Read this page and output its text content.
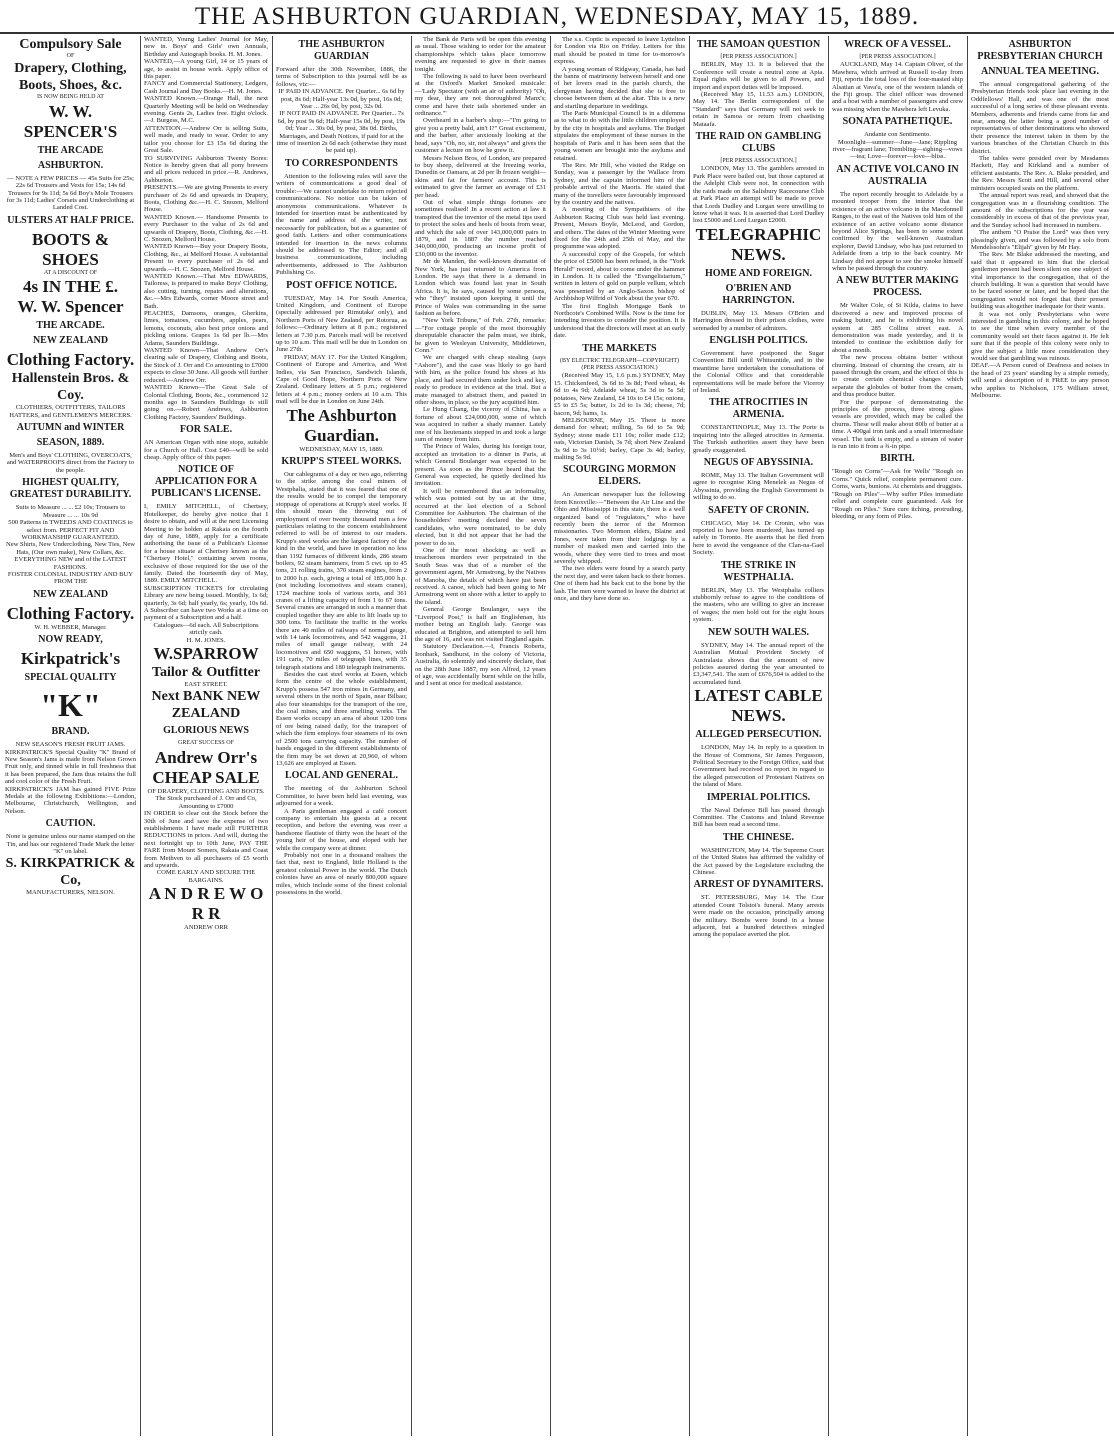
THE ASHBURTON GUARDIAN, WEDNESDAY, MAY 15, 1889.
Compulsory Sale
OF
Drapery, Clothing,
Boots, Shoes, &c.
IS NOW BEING HELD AT
W. W. SPENCER'S
THE ARCADE
ASHBURTON.
— NOTE A FEW PRICES — 45s Suits for 25s; 22s 6d Trousers and Vests for 15s; 14s 6d Trousers for 9s 11d; 5s 6d Boy's Mole Trousers for 3s 11d; Ladies' Corsets and Underclothing at Landed Cost.
ULSTERS AT HALF PRICE.
BOOTS & SHOES
AT A DISCOUNT OF
4s IN THE £.
W. W. Spencer
THE ARCADE.
NEW ZEALAND
Clothing Factory.
Hallenstein Bros. & Coy.
CLOTHIERS, OUTFITTERS, TAILORS HATTERS, and GENTLEMEN'S MERCERS.
AUTUMN and WINTER
SEASON, 1889.
Men's and Boys' CLOTHING, OVERCOATS, and WATERPROOFS direct from the Factory to the people.
HIGHEST QUALITY, GREATEST DURABILITY.
Suits to Measure ... ... £2 10s; Trousers to Measure ... ... 10s 9d
500 Patterns in TWEEDS AND COATINGS to select from. PERFECT FIT AND WORKMANSHIP GUARANTEED.
New Shirts, New Underclothing, New Ties, New Hats, (Our own make), New Collars, &c.
EVERYTHING NEW and of the LATEST FASHIONS.
FOSTER COLONIAL INDUSTRY AND BUY FROM THE
NEW ZEALAND
Clothing Factory.
W. H. WEBBER, Manager.
NOW READY,
Kirkpatrick's
SPECIAL QUALITY
"K"
BRAND.
NEW SEASON'S FRESH FRUIT JAMS.
KIRKPATRICK'S Special Quality "K" Brand of New Season's Jams is made from Nelson Grown Fruit only, and tinned while in full freshness that it has been prepared, the Jam thus retains the full and cool color of the Fresh Fruit.
KIRKPATRICK'S JAM has gained FIVE Prize Medals at the following Exhibitions:—London, Melbourne, Christchurch, Wellington, and Nelson.
CAUTION.
None is genuine unless our name stamped on the Tin, and has our registered Trade Mark the letter "K" on label.
S. KIRKPATRICK & Co,
MANUFACTURERS, NELSON.
WANTED, Young Ladies' Journal for May, new in. Boys' and Girls' own Annuals, Birthday and Autograph books. H. M. Jones.
WANTED,—A young Girl, 14 or 15 years of age, to assist in house work. Apply office of this paper.
FANCY and Commercial Stationery, Ledgers, Cash Journal and Day Books.—H. M. Jones.
WANTED Known.—Orange Hall, the next Quarterly Meeting will be held on Wednesday evening. Gents 2s, Ladies free. Eight o'clock.—J. Burgess, M.C.
ATTENTION.—Andrew Orr is selling Suits, well made, and ready to wear. Order to any tailor you choose for £3 15s 6d during the Great Sale.
TO SURVIVING Ashburton Twenty Bores: Notice is hereby given that all pony brewers and all prices reduced in price.—R. Andrews, Ashburton.
PRESENTS.—We are giving Presents to every purchaser of 2s 6d and upwards in Drapery, Boots, Clothing &c.—H. C. Snozen, Melford House.
WANTED Known.— Handsome Presents to every Purchaser to the value of 2s 6d and upwards of Drapery, Boots, Clothing, &c.—H. C. Snozen, Melford House.
WANTED Known—Buy your Drapery Boots, Clothing, &c., at Melford House. A substantial Present to every purchaser of 2s 6d and upwards.—H. C. Snozen, Melford House.
WANTED Known.—That Mrs EDWARDS, Tailoress, is prepared to make Boys' Clothing, also cutting, turning, repairs and alterations, &c.—Mrs Edwards, corner Moore street and Bath.
PEACHES, Damsons, oranges, Gherkins, limes, tomatoes, cucumbers, apples, pears, lemons, coconuts, also best price onions and pickling onions. Grapes 1s 6d per lb.—Mrs Adams, Saunders Buildings.
WANTED Known—That Andrew Orr's clearing sale of Drapery, Clothing and Boots, the Stock of J. Orr and Co amounting to £7000 expects to close 30 June. All goods will further reduced.—Andrew Orr.
WANTED Known—The Great Sale of Colonial Clothing, Boots, &c., commenced 12 months ago in Saunders Buildings is still going on.—Robert Andrews, Ashburton Clothing Factory, Saunders' Buildings.
FOR SALE.
AN American Organ with nine stops, suitable for a Church or Hall. Cost £40—will be sold cheap. Apply office of this paper.
NOTICE OF APPLICATION FOR A PUBLICAN'S LICENSE.
I, EMILY MITCHELL, of Chertsey, Hotelkeeper, do hereby give notice that I desire to obtain, and will at the next Licensing Meeting to be holden at Rakaia on the fourth day of June, 1889, apply for a certificate authorising the issue of a Publican's License for a house situate at Chertsey known as the "Chertsey Hotel," containing seven rooms, exclusive of those required for the use of the family. Dated the fourteenth day of May, 1889. EMILY MITCHELL.
SUBSCRIPTION TICKETS for circulating Library are now being issued. Monthly, 1s 6d; quarterly, 3s 6d; half yearly, 6s; yearly, 10s 6d. A Subscriber can have two Works at a time on payment of a Subscription and a half.
Catalogues—6d each. All Subscriptions strictly cash.
H. M. JONES.
W.SPARROW
Tailor & Outfitter
EAST STREET.
Next BANK NEW ZEALAND
GLORIOUS NEWS
GREAT SUCCESS OF
Andrew Orr's
CHEAP SALE
OF DRAPERY, CLOTHING AND BOOTS.
The Stock purchased of J. Orr and Co, Amounting to £7000
IN ORDER to clear out the Stock before the 30th of June and save the expense of two establishments I have made still FURTHER REDUCTIONS in prices. And will, during the next fortnight up to 10th June, PAY THE FARE from Mount Somers, Rakaia and Coast from Methven to all purchasers of £5 worth and upwards.
COME EARLY AND SECURE THE BARGAINS.
A N D R E W O R R
ANDREW ORR
THE ASHBURTON GUARDIAN
Forward after the 30th November, 1886, the terms of Subscription to this journal will be as follows, viz:—
IF PAID IN ADVANCE. Per Quarter... 6s 6d by post, 8s 6d; Half-year 13s 0d, by post, 16s 0d; Year ... 26s 0d, by post, 32s 0d.
IF NOT PAID IN ADVANCE. Per Quarter... 7s 6d, by post 9s 6d; Half-year 15s 0d, by post, 19s 0d; Year ... 30s 0d, by post, 38s 0d. Births, Marriages, and Death Notices, if paid for at the time of insertion 2s 6d each (otherwise they must be paid up).
TO CORRESPONDENTS
Attention to the following rules will save the writers of communications a good deal of trouble:—We cannot undertake to return rejected communications. No notice can be taken of anonymous communications. Whatever is intended for insertion must be authenticated by the name and address of the writer, not necessarily for publication, but as a guarantee of good faith. Letters and other communications intended for insertion in the news columns should be addressed to The Editor; and all business communications, including advertisements, addressed to The Ashburton Publishing Co.
POST OFFICE NOTICE.
TUESDAY, May 14. For South America, United Kingdom, and Continent of Europe (specially addressed per Rimutaka' only), and Northern Ports of New Zealand, per Rotorua, as follows:—Ordinary letters at 8 p.m.; registered letters at 7.30 p.m. Parcels mail will be received up to 10 a.m. This mail will be due in London on June 27th.
FRIDAY, MAY 17. For the United Kingdom, Continent of Europe and America, and West Indies, via San Francisco, Sandwich Islands, Cape of Good Hope, Northern Ports of New Zealand. Ordinary letters at 5 p.m.; registered letters at 4 p.m.; money orders at 10 a.m. This mail will be due in London on June 24th.
The Ashburton Guardian.
WEDNESDAY, MAY 15, 1889.
KRUPP'S STEEL WORKS.
Our cablegrams of a day or two ago, referring to the strike among the coal miners of Westphalia, stated that it was feared that one of the results would be to compel the temporary stoppage of operations at Krupp's steel works. If this should mean the throwing out of employment of over twenty thousand men a few particulars relating to the concern establishment referred to will be of interest to our readers. Krupp's steel works are the largest factory of the kind in the world, and have in operation no less than 1192 furnaces of different kinds, 286 steam boilers, 92 steam hammers, from 5 cwt. up to 45 tons, 21 rolling trains, 370 steam engines, from 2 to 2000 h.p. each, giving a total of 185,000 h.p. (not including locomotives and steam cranes), 1724 machine tools of various sorts, and 361 cranes of a lifting capacity of from 1 to 67 tons. Several cranes are arranged in such a manner that coupled together they are able to lift loads up to 300 tons. To facilitate the traffic in the works there are 40 miles of railways of normal gauge, with 14 tank locomotives, and 542 waggons, 21 miles of small gauge railway, with 24 locomotives and 650 waggons, 51 horses, with 191 carts, 70 miles of telegraph lines, with 35 telegraph stations and 180 telegraph instruments.
Besides the cast steel works at Essen, which form the centre of the whole establishment, Krupp's possess 547 iron mines in Germany, and several others in the north of Spain, near Bilbao; also four steamships for the transport of the ore, the coal mines, and three smelting works. The Essen works occupy an area of about 1200 tons of ore being raised daily, for the transport of which the firm employs four steamers of its own of 2500 tons carrying capacity. The number of hands engaged in the different establishments of the firm may be set down at 20,960, of whom 13,626 are employed at Essen.
LOCAL AND GENERAL.
The meeting of the Ashburton School Committee, to have been held last evening, was adjourned for a week.
A Paris gentleman engaged a café concert company to entertain his guests at a recent reception, and before the evening was over a handsome flautiste of thirty won the heart of the young heir of the house, and eloped with her while the company were at dinner.
Probably not one in a thousand realises the fact that, next to England, little Holland is the greatest colonial Power in the world. The Dutch colonies have an area of nearly 800,000 square miles, which include some of the finest colonial possessions in the world.
The Bank de Paris will be open this evening as usual. Those wishing to order for the amateur championships which takes place tomorrow evening are requested to give in their names tonight.
The following is said to have been overheard at the Oxford's Market Smoked musicale:—'Lady Spectator (with an air of authority) "Oh, my dear, they are not thoroughbred Manx's; come and have their tails shortened under an ordinance."'
Overheard in a barber's shop:—"I'm going to give you a pretty bald, ain't I?" Great excitement, and the barber, after anxiously looking at the head, says "Oh, no, sir, not always" and gives the customer a lecture on how he grew it.
Messrs Nelson Bros, of London, are prepared to buy sheep, delivered at the freezing works, Dunedin or Oamaru, at 2d per lb frozen weight—skins and fat for farmers' account. This is estimated to give the farmer an average of £31 per head.
Out of what simple things fortunes are sometimes realised! In a recent action at law it transpired that the inventor of the metal tips used to protect the soles and heels of boots from wear, and which the sale of over 143,000,000 pairs in 1879, and in 1887 the number reached 340,000,000, producing an income profit of £30,000 to the inventor.
Mr de Manden, the well-known dramatist of New York, has just returned to America from London. He says that there is a demand in London which was found last year in South Africa. It is, he says, caused by some persons, who "they" insisted upon keeping it until the Prince of Wales was commanding in the same fashion as before.
"New York Tribune," of Feb. 27th, remarks:—"For cottage people of the most thoroughly disreputable character the palm must, we think, be given to Wesleyan University, Middletown, Conn."
We are charged with cheap stealing (says "Ashore"), and the case was likely to go hard with him, as the police found his shoes at his place, and had secured them under lock and key, ready to produce in evidence at the trial. But a mate managed to abstract them, and pasted in other shoes, in place, so the jury acquitted him.
Le Hung Chang, the viceroy of China, has a fortune of about £24,000,000, some of which was acquired in rather a shady manner. Lately one of his lieutenants stepped in and took a large sum of money from him.
The Prince of Wales, during his foreign tour, accepted an invitation to a dinner in Paris, at which General Boulanger was expected to be present. As soon as the Prince heard that the General was expected, he quietly declined his invitation.
It will be remembered that an informality, which was pointed out by us at the time, occurred at the last election of a School Committee for Ashburton. The chairman of the householders' meeting declared the seven candidates, who were nominated, to be duly elected, but it did not appear that he had the power to do so.
One of the most shocking as well as treacherous murders ever perpetrated in the South Seas was that of a number of the government agent, Mr Armstrong, by the Natives of Manoba, the details of which have just been received. A canoe, which had been going to Mr Armstrong went on shore with a letter to apply to the island.
General George Boulanger, says the "Liverpool Post," is half an Englishman, his mother being an English lady. George was educated at Brighton, and attempted to sell him the age of 16, and was not visited England again.
Statutory Declaration.—I, Francis Roberts, Ironbark, Sandhurst, in the colony of Victoria, Australia, do solemnly and sincerely declare, that on the 28th June 1887, my son Alfred, 12 years of age, was accidentally burnt while on the hills, and I sent at once for medical assistance.
The s.s. Coptic is expected to leave Lyttelton for London via Rio on Friday. Letters for this mail should be posted in time for to-morrow's express.
A young woman of Ridgway, Canada, has had the banns of matrimony between herself and one of her lovers read in the parish church, the clergyman having decided that she is free to choose between them at the altar. This is a new and startling departure in weddings.
The Paris Municipal Council is in a dilemma as to what to do with the little children employed by the city in hospitals and asylums. The Budget stipulates the employment of these nurses in the hospitals of Paris and it has been seen that the young women are brought into the asylums and retained.
The Rev. Mr Hill, who visited the Ridge on Sunday, was a passenger by the Wallace from Sydney, and the captain informed him of the probable arrival of the Maoris. He stated that many of the travellers were favourably impressed by the country and the natives.
A meeting of the Sympathisers of the Ashburton Racing Club was held last evening. Present, Messrs Boyle, McLeod, and Gordon, and others. The dates of the Winter Meeting were fixed for the 24th and 25th of May, and the programme was adopted.
A successful copy of the Gospels, for which the price of £5000 has been refused, is the "York Herald" record, about to come under the hammer in London. It is called the "Evangelistarium," written in letters of gold on purple vellum, which was presented by an Anglo-Saxon bishop of Archbishop Wilfrid of York about the year 670.
The first English Mortgage Bank to Northcote's Combined Wills. Now is the time for intending investors to consider the position. It is understood that the directors will meet at an early date.
THE MARKETS
(BY ELECTRIC TELEGRAPH—COPYRIGHT) (PER PRESS ASSOCIATION.)
(Received May 15, 1.6 p.m.) SYDNEY, May 15. Chickenfeed, 3s 6d to 3s 8d; Feed wheat, 4s 6d to 4s 9d; Adelaide wheat, 5s 3d to 5s 5d; potatoes, New Zealand, £4 10s to £4 15s; onions, £5 to £5 5s; butter, 1s 2d to 1s 3d; cheese, 7d; bacon, 9d; hams, 1s.
MELBOURNE, May 15. There is more demand for wheat; milling, 5s 6d to 5s 9d; Sydney; stone made £11 10s; roller made £12; oats, Victorian Danish, 3s 7d; short New Zealand 3s 9d to 3s 10½d; barley, Cape 3s 4d; barley, malting 5s 9d.
SCOURGING MORMON ELDERS.
An American newspaper has the following from Knoxville:—"Between the Air Line and the Ohio and Mississippi in this state, there is a well organized band of "regulators," who have recently been the terror of the Mormon missionaries. Two Mormon elders, Blaine and Jones, were taken from their lodgings by a number of masked men and carried into the woods, where they were tied to trees and most severely whipped.
The two elders were found by a search party the next day, and were taken back to their homes. One of them had his back cut to the bone by the lash. The men were warned to leave the district at once, and they have done so.
THE SAMOAN QUESTION
[PER PRESS ASSOCIATION.]
BERLIN, May 13. It is believed that the Conference will create a neutral zone at Apia. Equal rights will be given to all Powers, and import and export duties will be imposed.
(Received May 15, 11.53 a.m.) LONDON, May 14. The Berlin correspondent of the "Standard" says that Germany will not seek to retain in Samoa or return from chastising Mataafa.
THE RAID ON GAMBLING CLUBS
[PER PRESS ASSOCIATION.]
LONDON, May 13. The gamblers arrested in Park Place were bailed out, but those captured at the Adelphi Club were not. In connection with the raids made on the Salisbury Racecourse Club at Park Place an attempt will be made to prove that Lords Dudley and Lurgan were unwilling to know what it was. It is asserted that Lord Dudley lost £5000 and Lord Lurgan £2000.
TELEGRAPHIC NEWS.
HOME AND FOREIGN.
O'BRIEN AND HARRINGTON.
DUBLIN, May 13. Messrs O'Brien and Harrington dressed in their prison clothes, were serenaded by a number of admirers.
ENGLISH POLITICS.
Government have postponed the Sugar Convention Bill until Whitsuntide, and in the meantime have undertaken the consultations of the Colonial Office and that considerable representations will be made before the Viceroy of Ireland.
THE ATROCITIES IN ARMENIA.
CONSTANTINOPLE, May 13. The Porte is inquiring into the alleged atrocities in Armenia. The Turkish authorities assert they have been greatly exaggerated.
NEGUS OF ABYSSINIA.
ROME, May 13. The Italian Government will agree to recognise King Menelek as Negus of Abyssinia, providing the English Government is willing to do so.
SAFETY OF CRONIN.
CHICAGO, May 14. Dr Cronin, who was reported to have been murdered, has turned up safely in Toronto. He asserts that he fled from here to avoid the vengeance of the Clan-na-Gael Society.
THE STRIKE IN WESTPHALIA.
BERLIN, May 13. The Westphalia colliers stubbornly refuse to agree to the conditions of the masters, who are willing to give an increase of wages; the men hold out for the eight hours system.
NEW SOUTH WALES.
SYDNEY, May 14. The annual report of the Australian Mutual Provident Society of Australasia shows that the amount of new policies assured during the year amounted to £3,347,541. The sum of £676,504 is added to the accumulated fund.
LATEST CABLE NEWS.
ALLEGED PERSECUTION.
LONDON, May 14. In reply to a question in the House of Commons, Sir James Fergusson, Political Secretary to the Foreign Office, said that Government had received no report in regard to the alleged persecution of Protestant Natives on the island of Mare.
IMPERIAL POLITICS.
The Naval Defence Bill has passed through Committee. The Customs and Inland Revenue Bill has been read a second time.
THE CHINESE.
WASHINGTON, May 14. The Supreme Court of the United States has affirmed the validity of the Act passed by the Legislature excluding the Chinese.
ARREST OF DYNAMITERS.
ST. PETERSBURG, May 14. The Czar attended Count Tolstoi's funeral. Many arrests were made on the occasion, principally among the military. Bombs were found in a house adjacent, but a hundred detectives mingled among the populace averted the plot.
WRECK OF A VESSEL.
[PER PRESS ASSOCIATION.]
AUCKLAND, May 14. Captain Oliver, of the Mawhera, which arrived at Russell to-day from Fiji, reports the total loss of the four-masted ship Alsatian at Vava'u, one of the western islands of the Fiji group. The chief officer was drowned and a boat with a number of passengers and crew was missing when the Mawhera left Levuka.
SONATA PATHETIQUE.
Andante con Sentimento.
Moonlight—summer—June—Jane; Rippling river—fragrant lane; Trembling—sighing—vows—tea; Love—forever—love—bliss.
AN ACTIVE VOLCANO IN AUSTRALIA
The report recently brought to Adelaide by a mounted trooper from the interior that the existence of an active volcano in the Macdonnell Ranges, to the east of the Natives told him of the existence of an active volcano some distance beyond Alice Springs, has been to some extent confirmed by the well-known Australian explorer, David Lindsay, who has just returned to Adelaide from a trip to the back country. Mr Lindsay did not appear to see the smoke himself when he passed through the country.
A NEW BUTTER MAKING PROCESS.
Mr Walter Cole, of St Kilda, claims to have discovered a new and improved process of making butter, and he is exhibiting his novel system at 285 Collins street east. A demonstration was made yesterday, and it is intended to continue the exhibition daily for about a month.
The new process obtains butter without churning. Instead of churning the cream, air is passed through the cream, and the effect of this is to create certain chemical changes which separate the globules of butter from the cream, and thus produce butter.
For the purpose of demonstrating the principles of the process, three strong glass vessels are provided, which may be called the churns. These will make about 80lb of butter at a time. A 400gal iron tank and a small intermediate vessel. The tank is empty, and a stream of water is run into it from a ¾-in pipe.
BIRTH.
"Rough on Corns"—Ask for Wells' "Rough on Corns." Quick relief, complete permanent cure. Corns, warts, bunions. At chemists and druggists.
"Rough on Piles"—Why suffer Piles immediate relief and complete cure guaranteed. Ask for "Rough on Piles." Sure cure itching, protruding, bleeding, or any form of Piles.
ASHBURTON PRESBYTERIAN CHURCH
ANNUAL TEA MEETING.
The annual congregational gathering of the Presbyterian friends took place last evening in the Oddfellows' Hall, and was one of the most successful of a long series of these pleasant events. Members, adherents and friends came from far and near, among the latter being a good number of representatives of other denominations who showed their presence the interest taken in them by the various branches of the Christian Church in this district.
The tables were presided over by Mesdames Hackett, Hay and Kirkland and a number of efficient assistants. The Rev. A. Blake presided, and the Rev. Messrs Scott and Hill, and several other ministers occupied seats on the platform.
The annual report was read, and showed that the congregation was in a flourishing condition. The amount of the subscriptions for the year was considerably in excess of that of the previous year, and the Sunday school had increased in numbers.
The anthem "O Praise the Lord" was then very pleasingly given, and was followed by a solo from Mendelssohn's "Elijah" given by Mr Hay.
The Rev. Mr Blake addressed the meeting, and said that it appeared to him that the clerical gentlemen present had been silent on one subject of vital importance to the congregation, that of the church building. It was a question that would have to be faced sooner or later, and he hoped that the congregation would not forget that their present building was altogether inadequate for their wants.
It was not only Presbyterians who were interested in gambling in this colony, and he hoped to see the time when every member of the community would set their faces against it. He felt sure that if the people of this colony were only to give the subject a little more consideration they would see that gambling was ruinous.
DEAF.—A Person cured of Deafness and noises in the head of 23 years' standing by a simple remedy, will send a description of it FREE to any person who applies to Nicholson, 175 William street, Melbourne.
